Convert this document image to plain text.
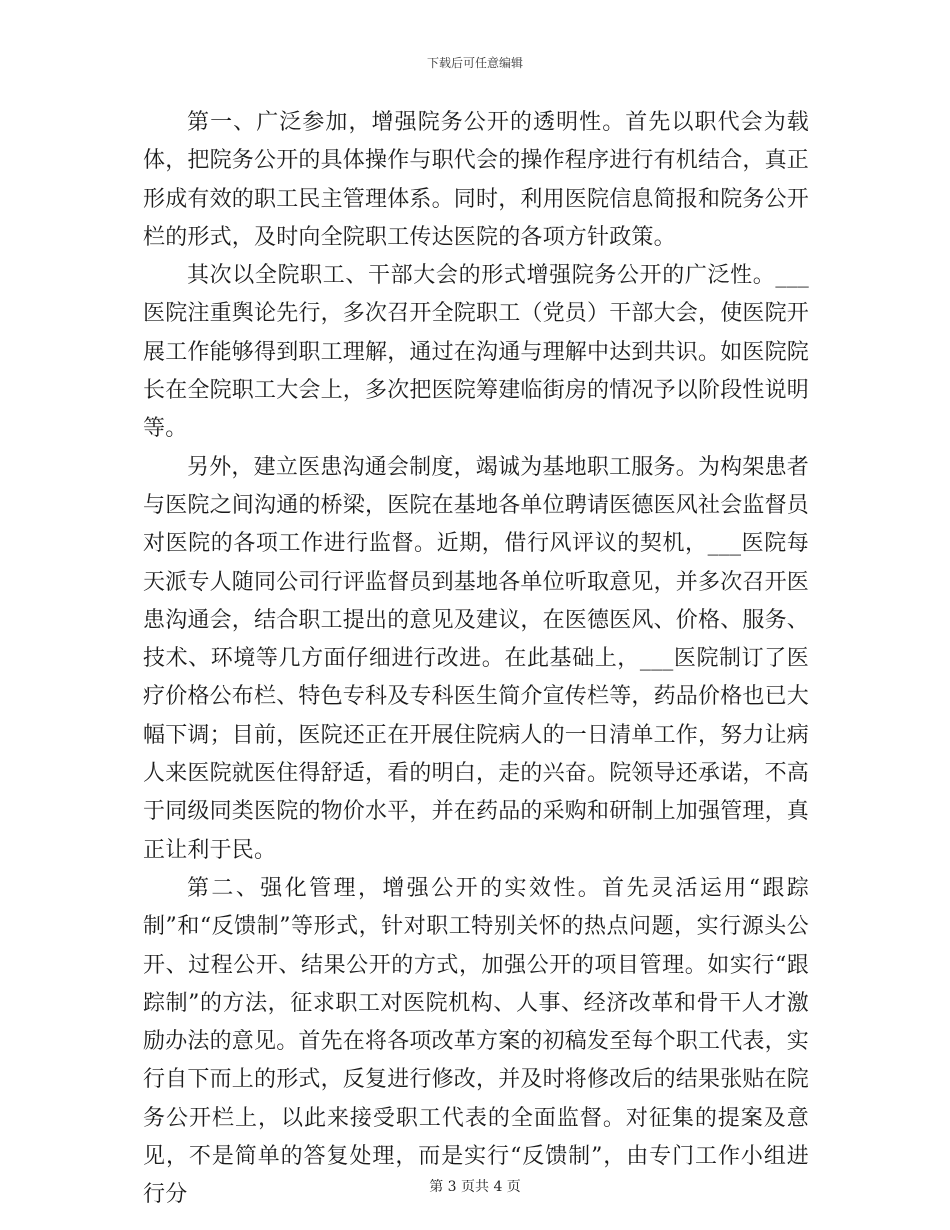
下载后可任意编辑

第一、广泛参加，增强院务公开的透明性。首先以职代会为载体，把院务公开的具体操作与职代会的操作程序进行有机结合，真正形成有效的职工民主管理体系。同时，利用医院信息简报和院务公开栏的形式，及时向全院职工传达医院的各项方针政策。

其次以全院职工、干部大会的形式增强院务公开的广泛性。___医院注重舆论先行，多次召开全院职工（党员）干部大会，使医院开展工作能够得到职工理解，通过在沟通与理解中达到共识。如医院院长在全院职工大会上，多次把医院筹建临街房的情况予以阶段性说明等。

另外，建立医患沟通会制度，竭诚为基地职工服务。为构架患者与医院之间沟通的桥梁，医院在基地各单位聘请医德医风社会监督员对医院的各项工作进行监督。近期，借行风评议的契机，___医院每天派专人随同公司行评监督员到基地各单位听取意见，并多次召开医患沟通会，结合职工提出的意见及建议，在医德医风、价格、服务、技术、环境等几方面仔细进行改进。在此基础上，___医院制订了医疗价格公布栏、特色专科及专科医生简介宣传栏等，药品价格也已大幅下调；目前，医院还正在开展住院病人的一日清单工作，努力让病人来医院就医住得舒适，看的明白，走的兴奋。院领导还承诺，不高于同级同类医院的物价水平，并在药品的采购和研制上加强管理，真正让利于民。

第二、强化管理，增强公开的实效性。首先灵活运用“跟踪制”和“反馈制”等形式，针对职工特别关怀的热点问题，实行源头公开、过程公开、结果公开的方式，加强公开的项目管理。如实行“跟踪制”的方法，征求职工对医院机构、人事、经济改革和骨干人才激励办法的意见。首先在将各项改革方案的初稿发至每个职工代表，实行自下而上的形式，反复进行修改，并及时将修改后的结果张贴在院务公开栏上，以此来接受职工代表的全面监督。对征集的提案及意见，不是简单的答复处理，而是实行“反馈制”，由专门工作小组进行分	第 3 页共 4 页
